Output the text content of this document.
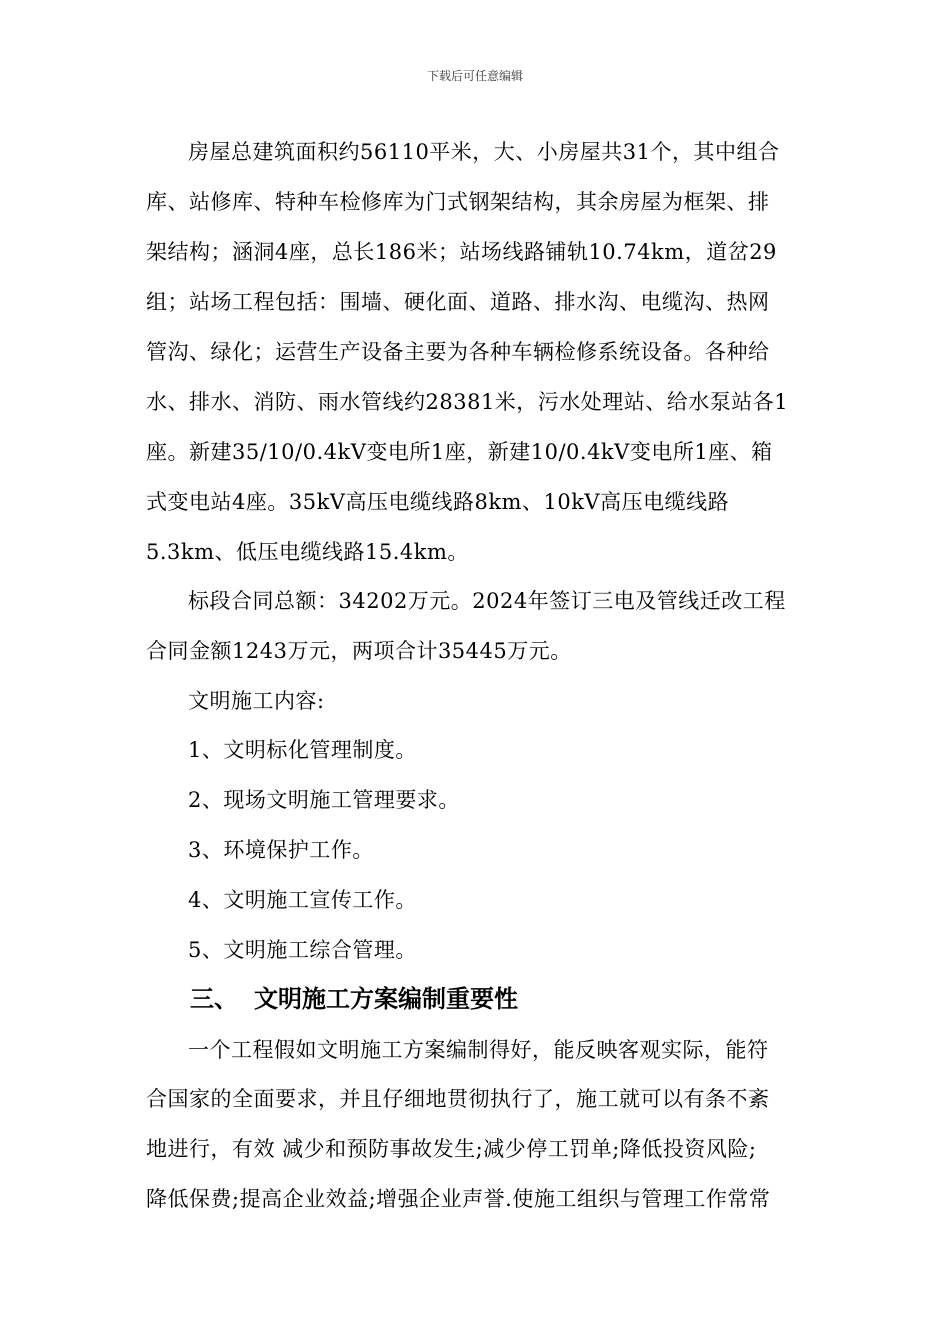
下载后可任意编辑
房屋总建筑面积约56110平米，大、小房屋共31个，其中组合
库、站修库、特种车检修库为门式钢架结构，其余房屋为框架、排
架结构；涵洞4座，总长186米；站场线路铺轨10.74km，道岔29
组；站场工程包括：围墙、硬化面、道路、排水沟、电缆沟、热网
管沟、绿化；运营生产设备主要为各种车辆检修系统设备。各种给
水、排水、消防、雨水管线约28381米，污水处理站、给水泵站各1
座。新建35/10/0.4kV变电所1座，新建10/0.4kV变电所1座、箱
式变电站4座。35kV高压电缆线路8km、10kV高压电缆线路
5.3km、低压电缆线路15.4km。
标段合同总额：34202万元。2024年签订三电及管线迁改工程
合同金额1243万元，两项合计35445万元。
文明施工内容:
1、文明标化管理制度。
2、现场文明施工管理要求。
3、环境保护工作。
4、文明施工宣传工作。
5、文明施工综合管理。
三、 文明施工方案编制重要性
一个工程假如文明施工方案编制得好，能反映客观实际，能符
合国家的全面要求，并且仔细地贯彻执行了，施工就可以有条不紊
地进行，有效 减少和预防事故发生;减少停工罚单;降低投资风险;
降低保费;提高企业效益;增强企业声誉.使施工组织与管理工作常常
